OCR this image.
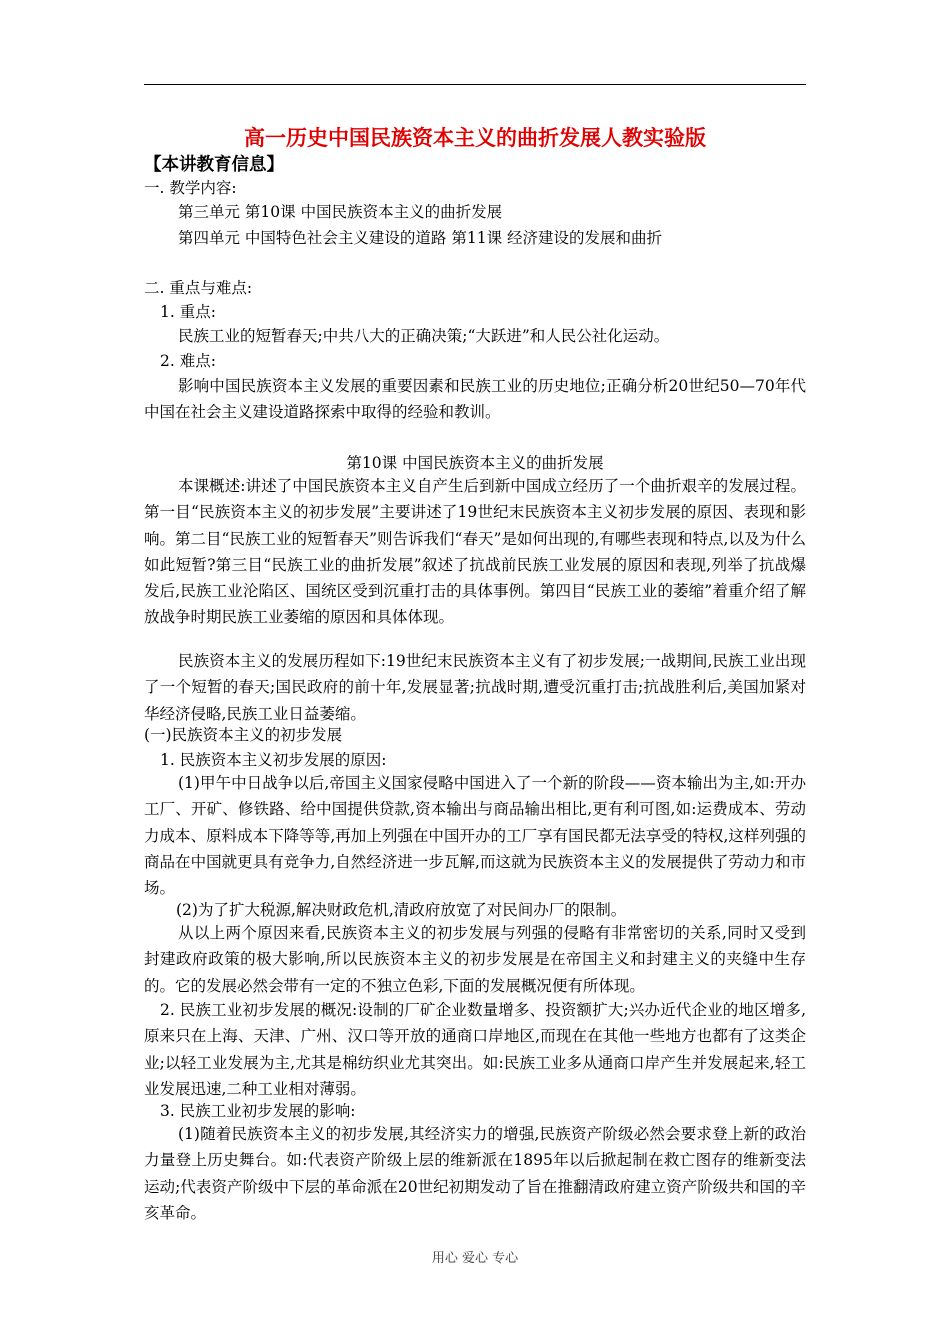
高一历史中国民族资本主义的曲折发展人教实验版
【本讲教育信息】
一. 教学内容:
第三单元 第10课 中国民族资本主义的曲折发展
第四单元 中国特色社会主义建设的道路 第11课 经济建设的发展和曲折
二. 重点与难点:
1. 重点:
民族工业的短暂春天;中共八大的正确决策;“大跃进”和人民公社化运动。
2. 难点:
影响中国民族资本主义发展的重要因素和民族工业的历史地位;正确分析20世纪50—70年代中国在社会主义建设道路探索中取得的经验和教训。
第10课 中国民族资本主义的曲折发展
本课概述:讲述了中国民族资本主义自产生后到新中国成立经历了一个曲折艰辛的发展过程。第一目“民族资本主义的初步发展”主要讲述了19世纪末民族资本主义初步发展的原因、表现和影响。第二目“民族工业的短暂春天”则告诉我们“春天”是如何出现的,有哪些表现和特点,以及为什么如此短暂?第三目“民族工业的曲折发展”叙述了抗战前民族工业发展的原因和表现,列举了抗战爆发后,民族工业沦陷区、国统区受到沉重打击的具体事例。第四目“民族工业的萎缩”着重介绍了解放战争时期民族工业萎缩的原因和具体体现。
民族资本主义的发展历程如下:19世纪末民族资本主义有了初步发展;一战期间,民族工业出现了一个短暂的春天;国民政府的前十年,发展显著;抗战时期,遭受沉重打击;抗战胜利后,美国加紧对华经济侵略,民族工业日益萎缩。
(一)民族资本主义的初步发展
1. 民族资本主义初步发展的原因:
(1)甲午中日战争以后,帝国主义国家侵略中国进入了一个新的阶段——资本输出为主,如:开办工厂、开矿、修铁路、给中国提供贷款,资本输出与商品输出相比,更有利可图,如:运费成本、劳动力成本、原料成本下降等等,再加上列强在中国开办的工厂享有国民都无法享受的特权,这样列强的商品在中国就更具有竞争力,自然经济进一步瓦解,而这就为民族资本主义的发展提供了劳动力和市场。
(2)为了扩大税源,解决财政危机,清政府放宽了对民间办厂的限制。
从以上两个原因来看,民族资本主义的初步发展与列强的侵略有非常密切的关系,同时又受到封建政府政策的极大影响,所以民族资本主义的初步发展是在帝国主义和封建主义的夹缝中生存的。它的发展必然会带有一定的不独立色彩,下面的发展概况便有所体现。
2. 民族工业初步发展的概况:设制的厂矿企业数量增多、投资额扩大;兴办近代企业的地区增多,原来只在上海、天津、广州、汉口等开放的通商口岸地区,而现在在其他一些地方也都有了这类企业;以轻工业发展为主,尤其是棉纺织业尤其突出。如:民族工业多从通商口岸产生并发展起来,轻工业发展迅速,二种工业相对薄弱。
3. 民族工业初步发展的影响:
(1)随着民族资本主义的初步发展,其经济实力的增强,民族资产阶级必然会要求登上新的政治力量登上历史舞台。如:代表资产阶级上层的维新派在1895年以后掀起制在救亡图存的维新变法运动;代表资产阶级中下层的革命派在20世纪初期发动了旨在推翻清政府建立资产阶级共和国的辛亥革命。
用心 爱心 专心
